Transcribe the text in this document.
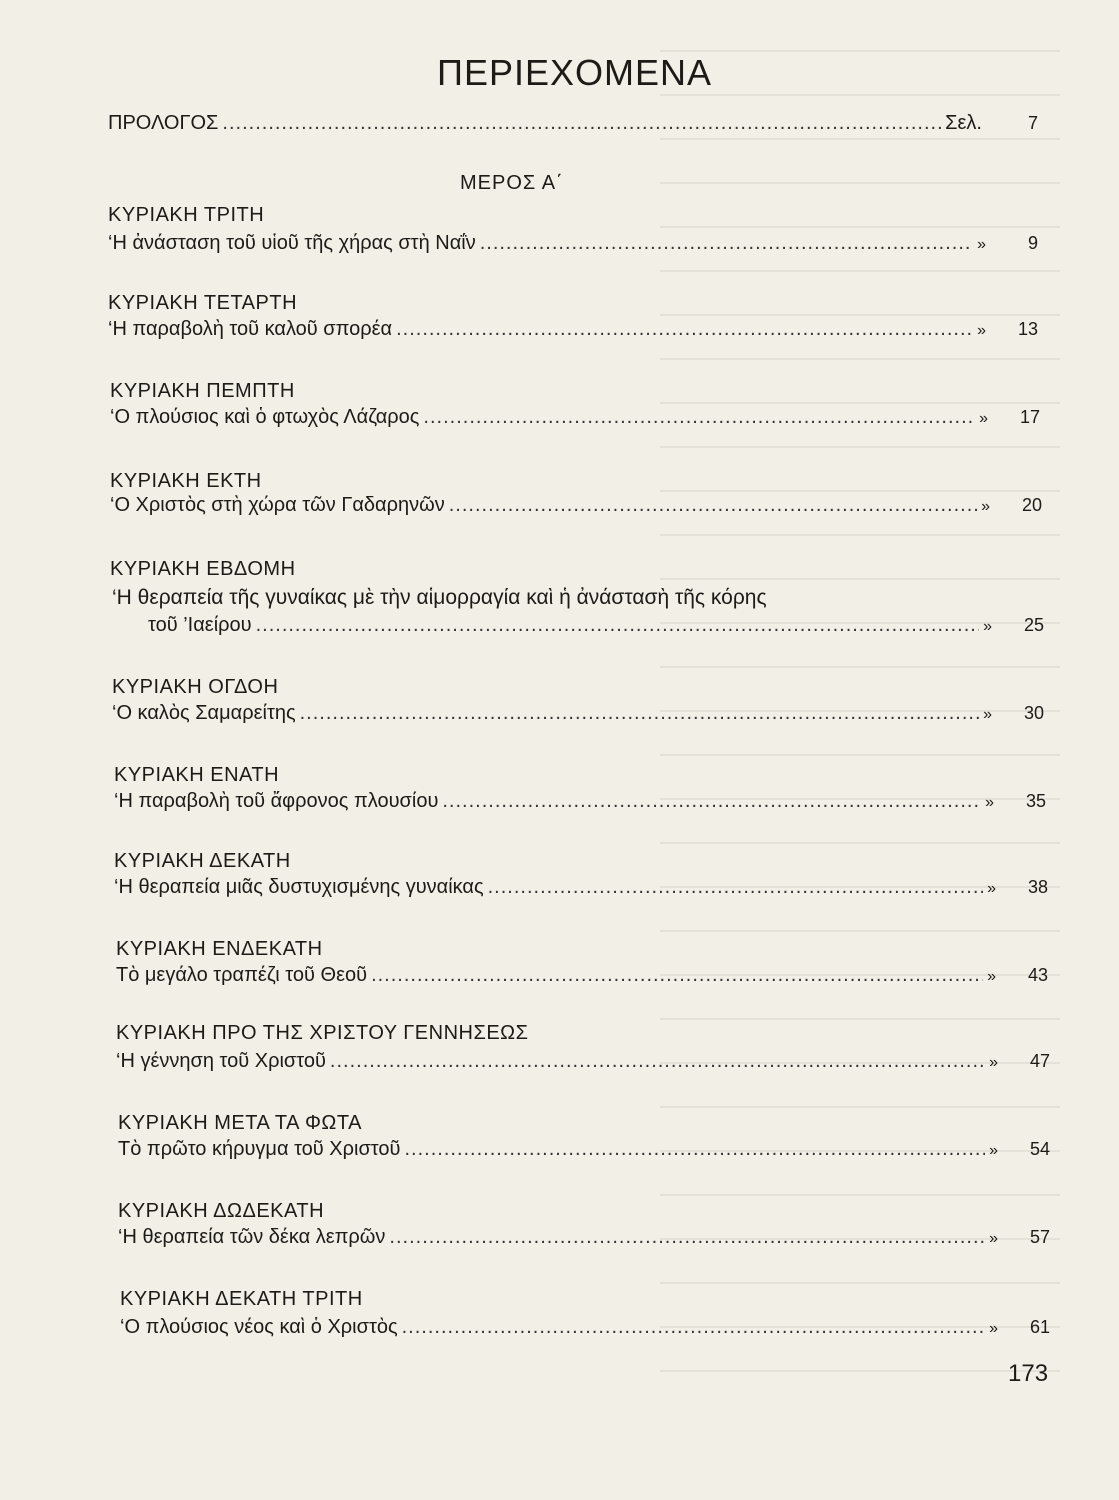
ΠΕΡΙΕΧΟΜΕΝΑ
ΠΡΟΛΟΓΟΣ .....	Σελ.	7
ΜΕΡΟΣ Α΄
ΚΥΡΙΑΚΗ ΤΡΙΤΗ
‘Η ἀνάσταση τοῦ υἱοῦ τῆς χήρας στὴ Ναΐν .....	»	9
ΚΥΡΙΑΚΗ ΤΕΤΑΡΤΗ
‘Η παραβολὴ τοῦ καλοῦ σπορέα .....	»	13
ΚΥΡΙΑΚΗ ΠΕΜΠΤΗ
‘Ο πλούσιος καὶ ὁ φτωχὸς Λάζαρος .....	»	17
ΚΥΡΙΑΚΗ ΕΚΤΗ
‘Ο Χριστὸς στὴ χώρα τῶν Γαδαρηνῶν .....	»	20
ΚΥΡΙΑΚΗ ΕΒΔΟΜΗ
‘Η θεραπεία τῆς γυναίκας μὲ τὴν αἱμορραγία καὶ ἡ ἀνάστασὴ τῆς κόρης
τοῦ ’Ιαείρου .....	»	25
ΚΥΡΙΑΚΗ ΟΓΔΟΗ
‘Ο καλὸς Σαμαρείτης .....	»	30
ΚΥΡΙΑΚΗ ΕΝΑΤΗ
‘Η παραβολὴ τοῦ ἄφρονος πλουσίου .....	»	35
ΚΥΡΙΑΚΗ ΔΕΚΑΤΗ
‘Η θεραπεία μιᾶς δυστυχισμένης γυναίκας .....	»	38
ΚΥΡΙΑΚΗ ΕΝΔΕΚΑΤΗ
Τὸ μεγάλο τραπέζι τοῦ Θεοῦ .....	»	43
ΚΥΡΙΑΚΗ ΠΡΟ ΤΗΣ ΧΡΙΣΤΟΥ ΓΕΝΝΗΣΕΩΣ
‘Η γέννηση τοῦ Χριστοῦ .....	»	47
ΚΥΡΙΑΚΗ ΜΕΤΑ ΤΑ ΦΩΤΑ
Τὸ πρῶτο κήρυγμα τοῦ Χριστοῦ .....	»	54
ΚΥΡΙΑΚΗ ΔΩΔΕΚΑΤΗ
‘Η θεραπεία τῶν δέκα λεπρῶν .....	»	57
ΚΥΡΙΑΚΗ ΔΕΚΑΤΗ ΤΡΙΤΗ
‘Ο πλούσιος νέος καὶ ὁ Χριστὸς .....	»	61
173
